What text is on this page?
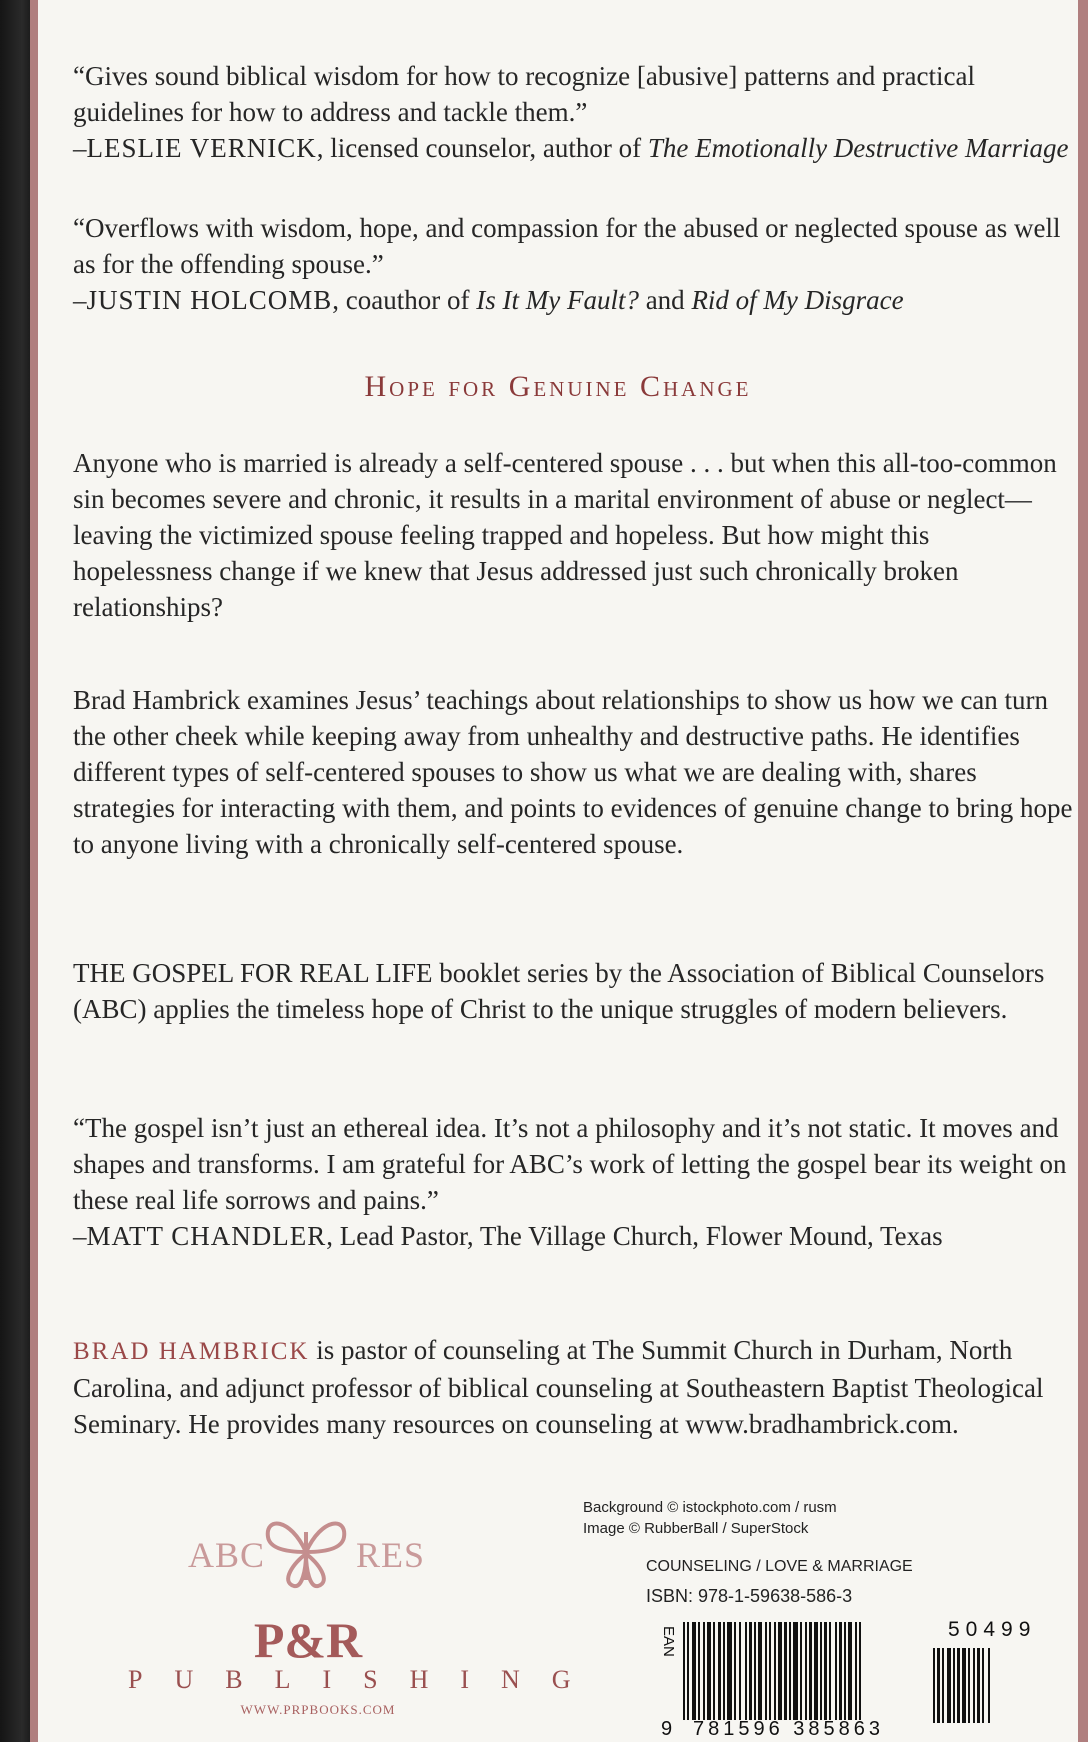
“Gives sound biblical wisdom for how to recognize [abusive] patterns and practical guidelines for how to address and tackle them.”
–LESLIE VERNICK, licensed counselor, author of The Emotionally Destructive Marriage
“Overflows with wisdom, hope, and compassion for the abused or neglected spouse as well as for the offending spouse.”
–JUSTIN HOLCOMB, coauthor of Is It My Fault? and Rid of My Disgrace
Hope for Genuine Change
Anyone who is married is already a self-centered spouse . . . but when this all-too-common sin becomes severe and chronic, it results in a marital environment of abuse or neglect—leaving the victimized spouse feeling trapped and hopeless. But how might this hopelessness change if we knew that Jesus addressed just such chronically broken relationships?
Brad Hambrick examines Jesus’ teachings about relationships to show us how we can turn the other cheek while keeping away from unhealthy and destructive paths. He identifies different types of self-centered spouses to show us what we are dealing with, shares strategies for interacting with them, and points to evidences of genuine change to bring hope to anyone living with a chronically self-centered spouse.
THE GOSPEL FOR REAL LIFE booklet series by the Association of Biblical Counselors (ABC) applies the timeless hope of Christ to the unique struggles of modern believers.
“The gospel isn’t just an ethereal idea. It’s not a philosophy and it’s not static. It moves and shapes and transforms. I am grateful for ABC’s work of letting the gospel bear its weight on these real life sorrows and pains.”
–MATT CHANDLER, Lead Pastor, The Village Church, Flower Mound, Texas
BRAD HAMBRICK is pastor of counseling at The Summit Church in Durham, North Carolina, and adjunct professor of biblical counseling at Southeastern Baptist Theological Seminary. He provides many resources on counseling at www.bradhambrick.com.
Background © istockphoto.com / rusm
Image © RubberBall / SuperStock
COUNSELING / LOVE & MARRIAGE
ISBN: 978-1-59638-586-3
ABC	RES
P&R
PUBLISHING
WWW.PRPBOOKS.COM
EAN
9 781596 385863
50499
